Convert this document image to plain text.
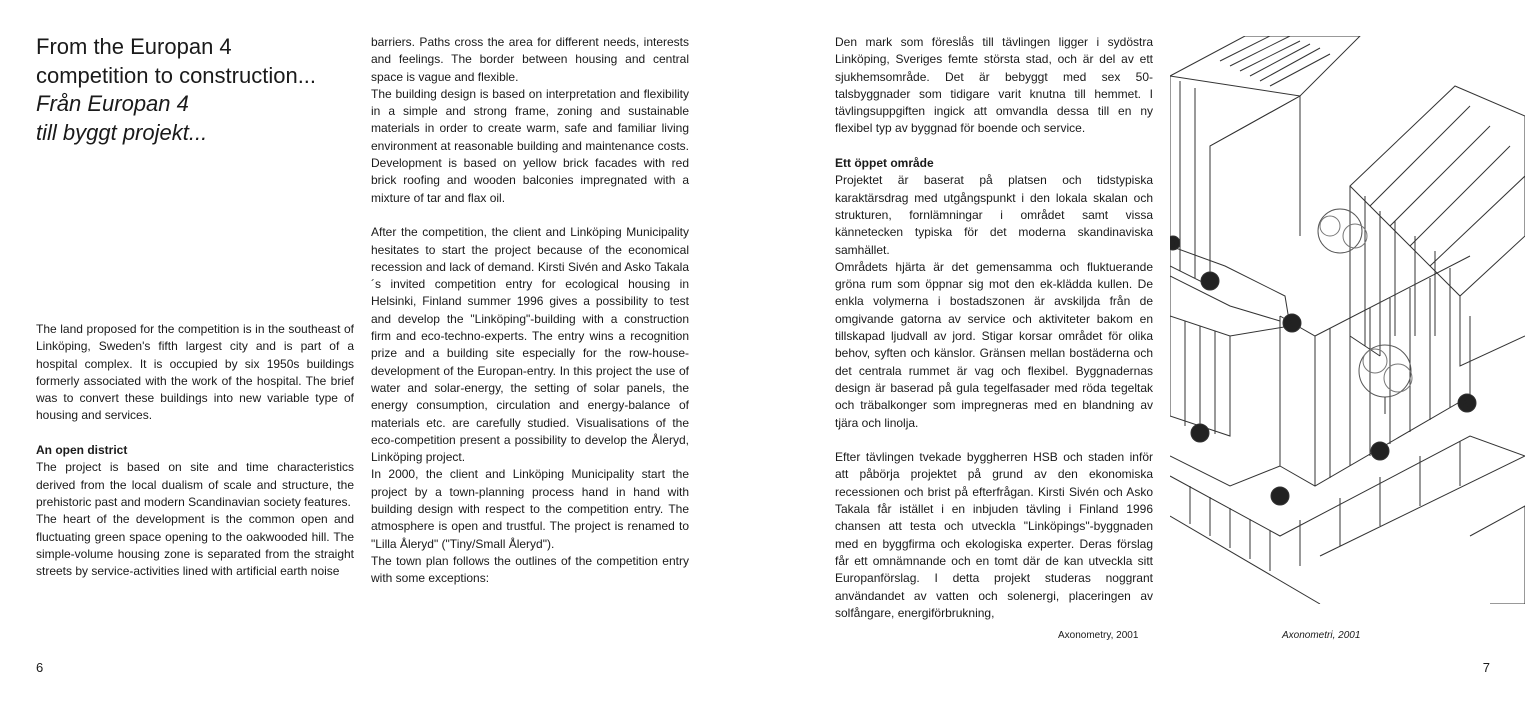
From the Europan 4
competition to construction...
Från Europan 4
till byggt projekt...

The land proposed for the competition is in the southeast of Linköping, Sweden's fifth largest city and is part of a hospital complex. It is occupied by six 1950s buildings formerly associated with the work of the hospital. The brief was to convert these buildings into new variable type of housing and services.

An open district

The project is based on site and time characteristics derived from the local dualism of scale and structure, the prehistoric past and modern Scandinavian society features.

The heart of the development is the common open and fluctuating green space opening to the oakwooded hill. The simple-volume housing zone is separated from the straight streets by service-activities lined with artificial earth noise

barriers. Paths cross the area for different needs, interests and feelings. The border between housing and central space is vague and flexible.

The building design is based on interpretation and flexibility in a simple and strong frame, zoning and sustainable materials in order to create warm, safe and familiar living environment at reasonable building and maintenance costs. Development is based on yellow brick facades with red brick roofing and wooden balconies impregnated with a mixture of tar and flax oil.

After the competition, the client and Linköping Municipality hesitates to start the project because of the economical recession and lack of demand. Kirsti Sivén and Asko Takala´s invited competition entry for ecological housing in Helsinki, Finland summer 1996 gives a possibility to test and develop the "Linköping"-building with a construction firm and eco-techno-experts. The entry wins a recognition prize and a building site especially for the row-house-development of the Europan-entry. In this project the use of water and solar-energy, the setting of solar panels, the energy consumption, circulation and energy-balance of materials etc. are carefully studied. Visualisations of the eco-competition present a possibility to develop the Åleryd, Linköping project.

In 2000, the client and Linköping Municipality start the project by a town-planning process hand in hand with building design with respect to the competition entry. The atmosphere is open and trustful. The project is renamed to "Lilla Åleryd" ("Tiny/Small Åleryd").

The town plan follows the outlines of the competition entry with some exceptions:

6

Den mark som föreslås till tävlingen ligger i sydöstra Linköping, Sveriges femte största stad, och är del av ett sjukhemsområde. Det är bebyggt med sex 50-talsbyggnader som tidigare varit knutna till hemmet. I tävlingsuppgiften ingick att omvandla dessa till en ny flexibel typ av byggnad för boende och service.

Ett öppet område

Projektet är baserat på platsen och tidstypiska karaktärsdrag med utgångspunkt i den lokala skalan och strukturen, fornlämningar i området samt vissa kännetecken typiska för det moderna skandinaviska samhället.

Områdets hjärta är det gemensamma och fluktuerande gröna rum som öppnar sig mot den ek-klädda kullen. De enkla volymerna i bostadszonen är avskiljda från de omgivande gatorna av service och aktiviteter bakom en tillskapad ljudvall av jord. Stigar korsar området för olika behov, syften och känslor. Gränsen mellan bostäderna och det centrala rummet är vag och flexibel. Byggnadernas design är baserad på gula tegelfasader med röda tegeltak och träbalkonger som impregneras med en blandning av tjära och linolja.

Efter tävlingen tvekade byggherren HSB och staden inför att påbörja projektet på grund av den ekonomiska recessionen och brist på efterfrågan. Kirsti Sivén och Asko Takala får istället i en inbjuden tävling i Finland 1996 chansen att testa och utveckla "Linköpings"-byggnaden med en byggfirma och ekologiska experter. Deras förslag får ett omnämnande och en tomt där de kan utveckla sitt Europanförslag. I detta projekt studeras noggrant användandet av vatten och solenergi, placeringen av solfångare, energiförbrukning,

4.
2.
2.
1.
1.
2.
3.
Axonometry, 2001	Axonometri, 2001
7
